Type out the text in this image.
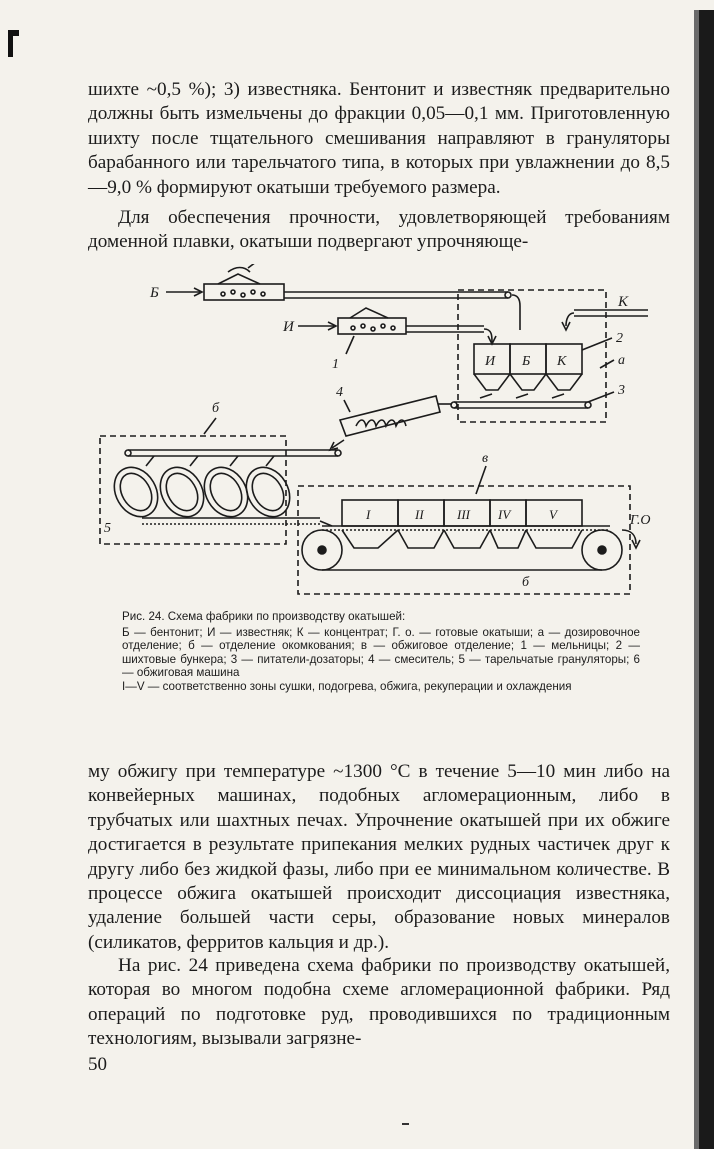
шихте ~0,5 %); 3) известняка. Бентонит и известняк предварительно должны быть измельчены до фракции 0,05—0,1 мм. Приготовленную шихту после тщательного смешивания направляют в грануляторы барабанного или тарельчатого типа, в которых при увлажнении до 8,5—9,0 % формируют окатыши требуемого размера.

Для обеспечения прочности, удовлетворяющей требованиям доменной плавки, окатыши подвергают упрочняюще-

Б
И
1
К
И Б К
2
а
3
4
б
5
в
I	II	III IV	V
б
Г.О

Рис. 24. Схема фабрики по производству окатышей:

Б — бентонит; И — известняк; К — концентрат; Г. о. — готовые окатыши; а — дозировочное отделение; б — отделение окомкования; в — обжиговое отделение; 1 — мельницы; 2 — шихтовые бункера; 3 — питатели-дозаторы; 4 — смеситель; 5 — тарельчатые грануляторы; 6 — обжиговая машина

I—V — соответственно зоны сушки, подогрева, обжига, рекуперации и охлаждения

му обжигу при температуре ~1300 °С в течение 5—10 мин либо на конвейерных машинах, подобных агломерационным, либо в трубчатых или шахтных печах. Упрочнение окатышей при их обжиге достигается в результате припекания мелких рудных частичек друг к другу либо без жидкой фазы, либо при ее минимальном количестве. В процессе обжига окатышей происходит диссоциация известняка, удаление большей части серы, образование новых минералов (силикатов, ферритов кальция и др.).

На рис. 24 приведена схема фабрики по производству окатышей, которая во многом подобна схеме агломерационной фабрики. Ряд операций по подготовке руд, проводившихся по традиционным технологиям, вызывали загрязне-

50
